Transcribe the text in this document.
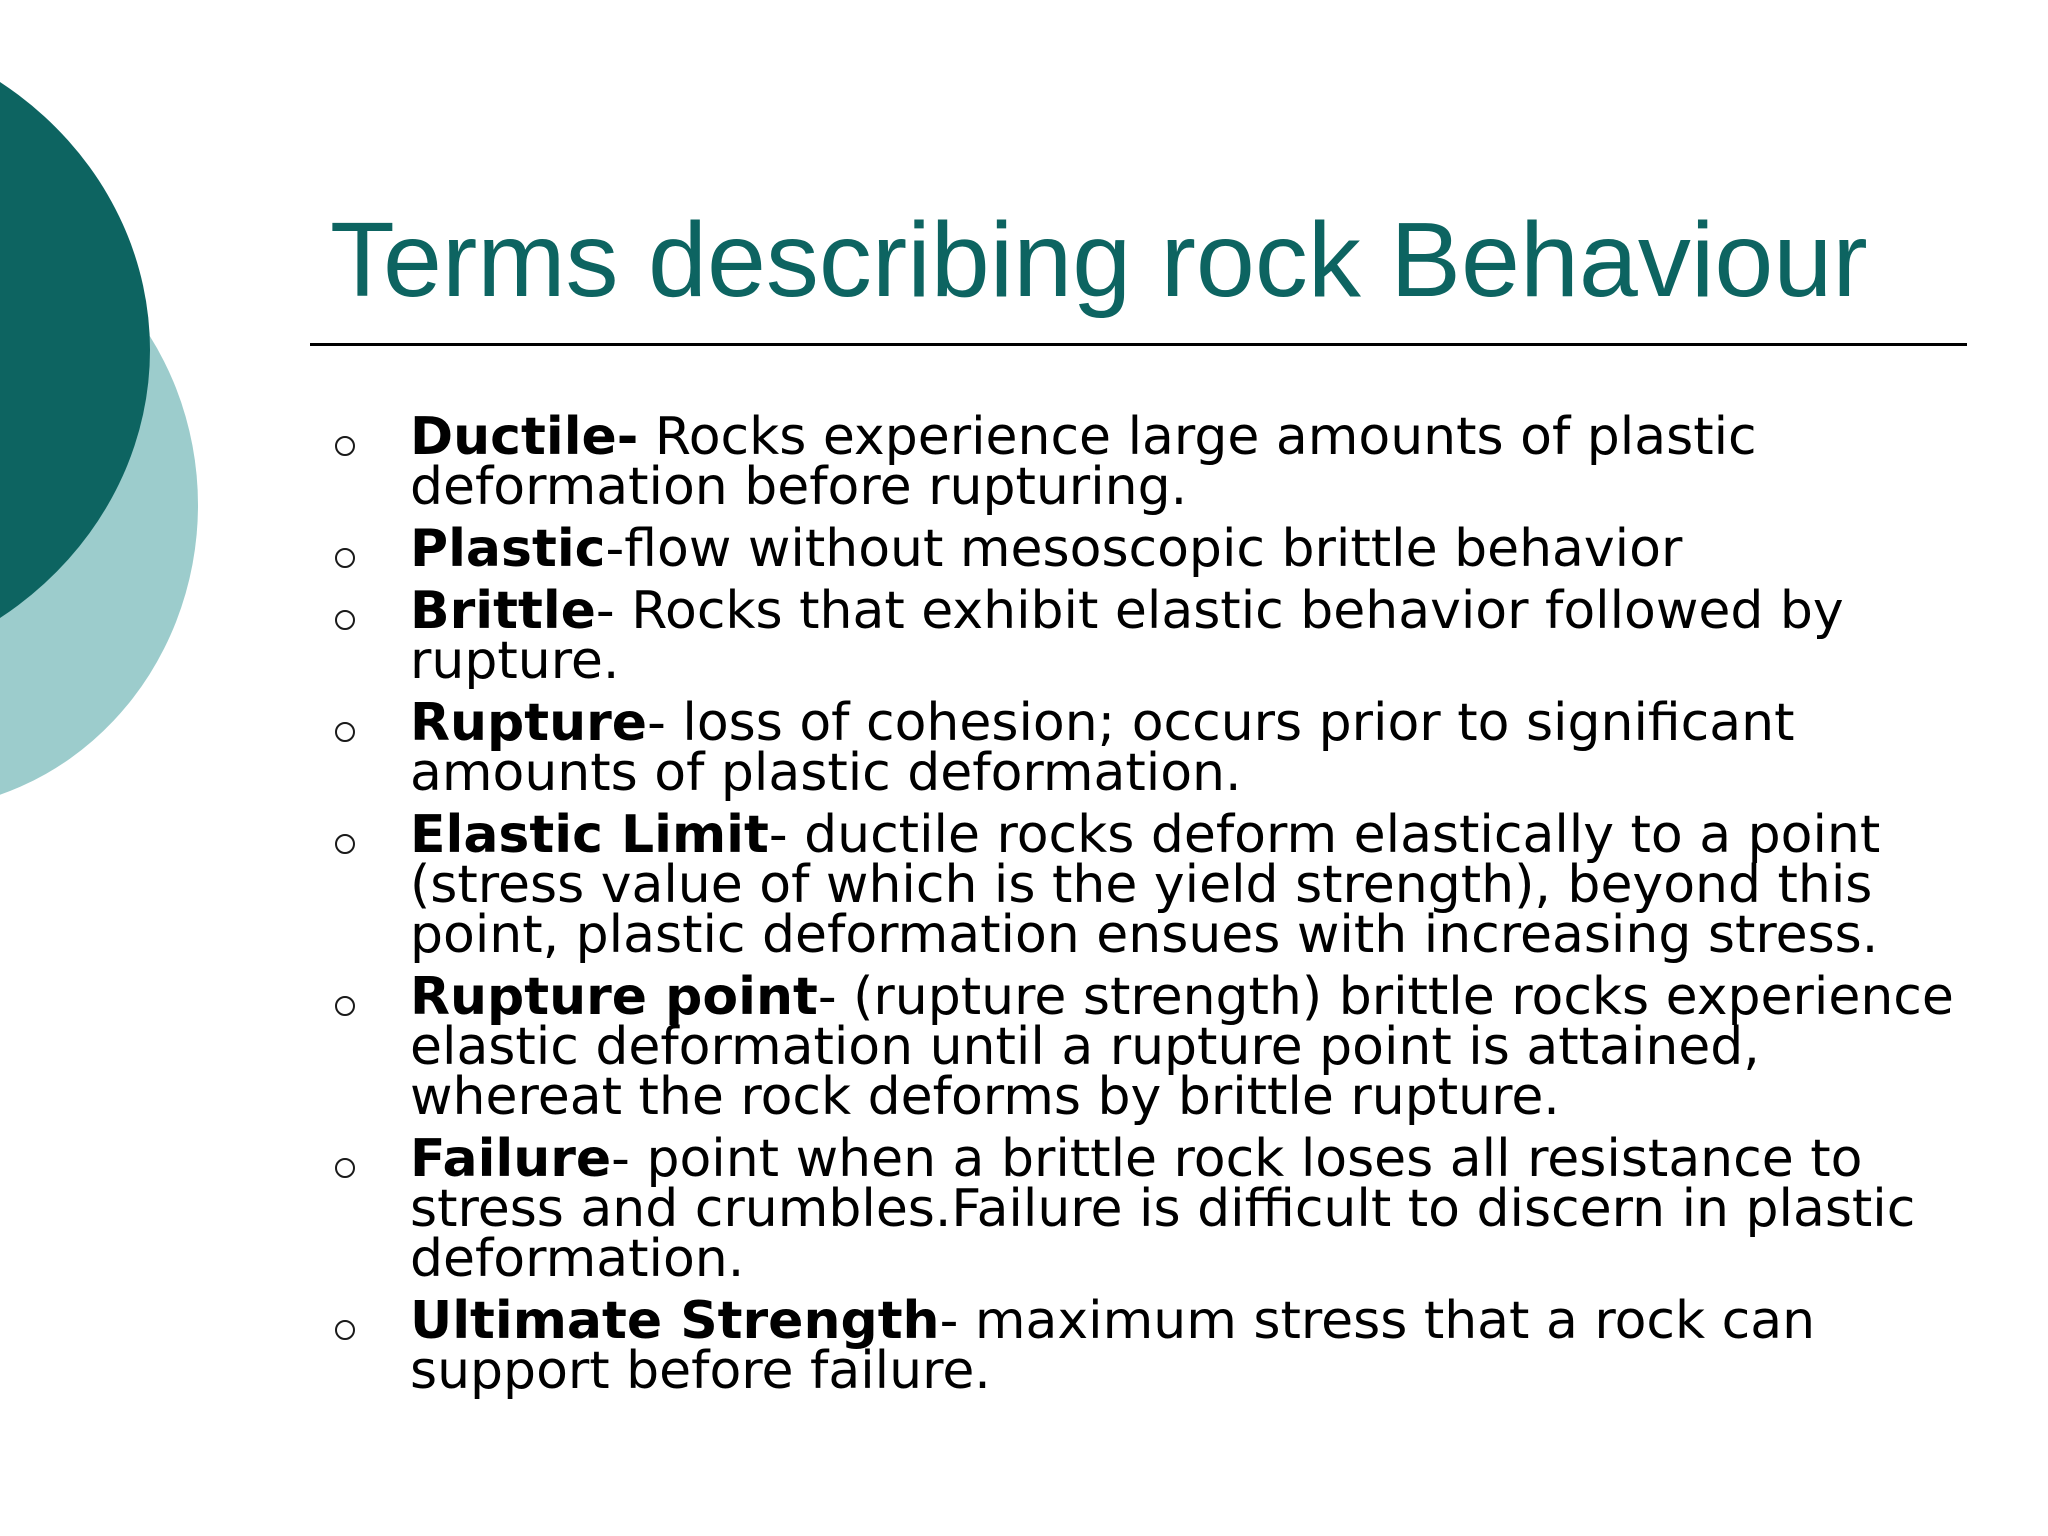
Terms describing rock Behaviour
Ductile- Rocks experience large amounts of plastic deformation before rupturing.
Plastic-flow without mesoscopic brittle behavior
Brittle- Rocks that exhibit elastic behavior followed by rupture.
Rupture- loss of cohesion; occurs prior to significant amounts of plastic deformation.
Elastic Limit- ductile rocks deform elastically to a point (stress value of which is the yield strength), beyond this point, plastic deformation ensues with increasing stress.
Rupture point- (rupture strength) brittle rocks experience elastic deformation until a rupture point is attained, whereat the rock deforms by brittle rupture.
Failure- point when a brittle rock loses all resistance to stress and crumbles.Failure is difficult to discern in plastic deformation.
Ultimate Strength- maximum stress that a rock can support before failure.
